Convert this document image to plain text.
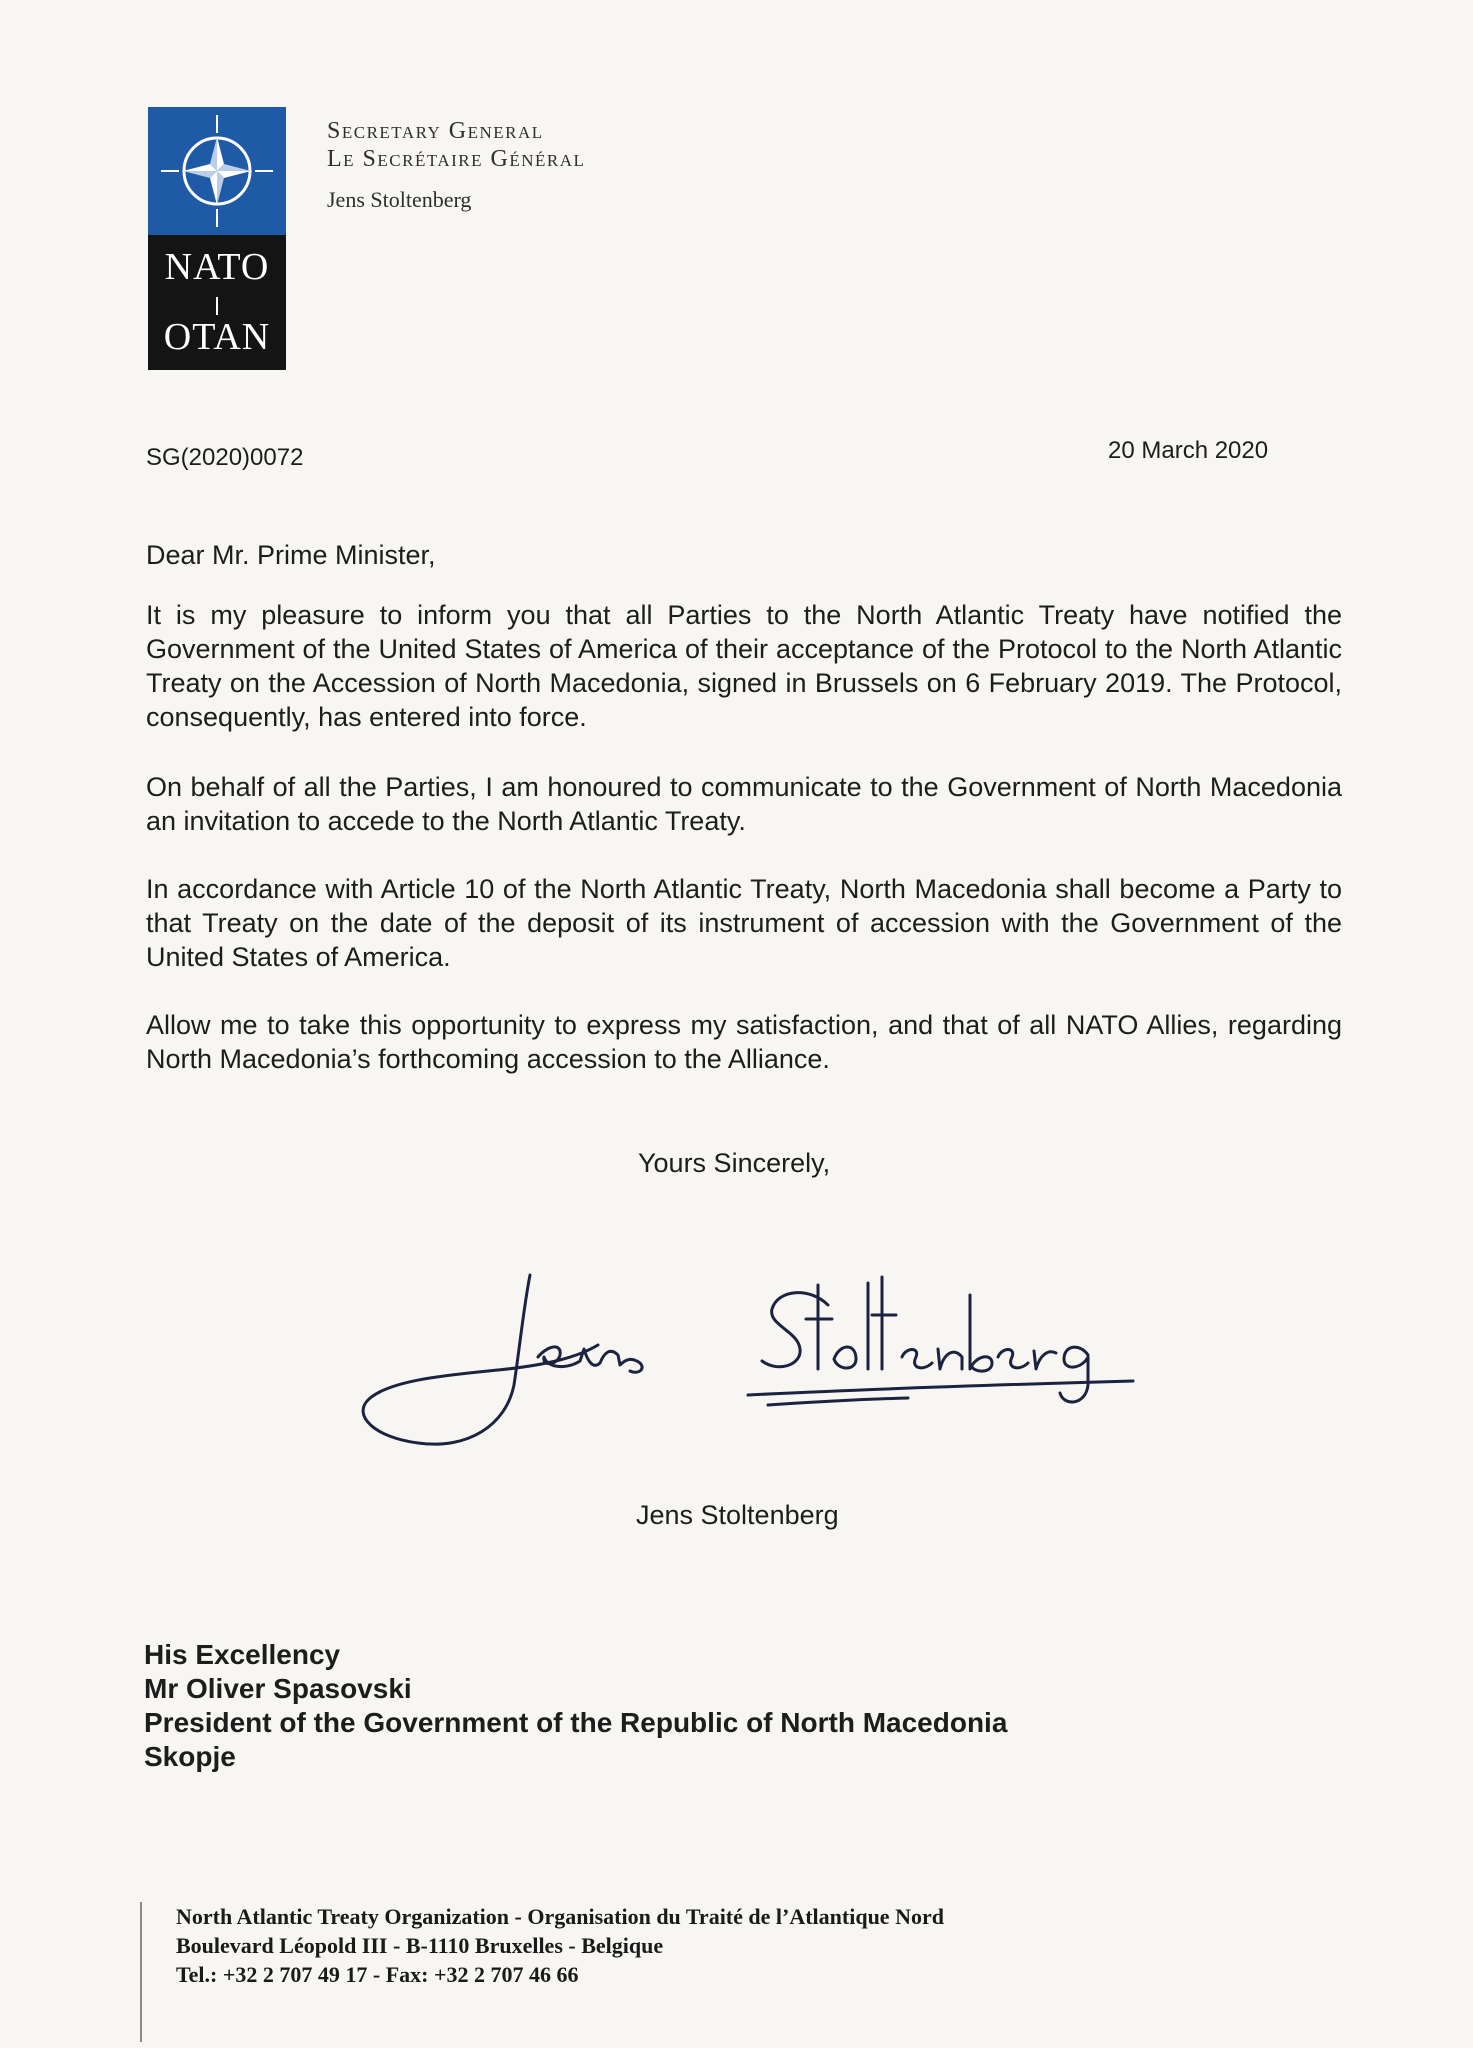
NATO
OTAN
Secretary General
Le Secrétaire Général
Jens Stoltenberg
SG(2020)0072	20 March 2020
Dear Mr. Prime Minister,

It is my pleasure to inform you that all Parties to the North Atlantic Treaty have notified the Government of the United States of America of their acceptance of the Protocol to the North Atlantic Treaty on the Accession of North Macedonia, signed in Brussels on 6 February 2019. The Protocol, consequently, has entered into force.

On behalf of all the Parties, I am honoured to communicate to the Government of North Macedonia an invitation to accede to the North Atlantic Treaty.

In accordance with Article 10 of the North Atlantic Treaty, North Macedonia shall become a Party to that Treaty on the date of the deposit of its instrument of accession with the Government of the United States of America.

Allow me to take this opportunity to express my satisfaction, and that of all NATO Allies, regarding North Macedonia’s forthcoming accession to the Alliance.

Yours Sincerely,
Jens Stoltenberg
His Excellency
Mr Oliver Spasovski
President of the Government of the Republic of North Macedonia
Skopje
North Atlantic Treaty Organization - Organisation du Traité de l’Atlantique Nord
Boulevard Léopold III - B-1110 Bruxelles - Belgique
Tel.: +32 2 707 49 17 - Fax: +32 2 707 46 66
